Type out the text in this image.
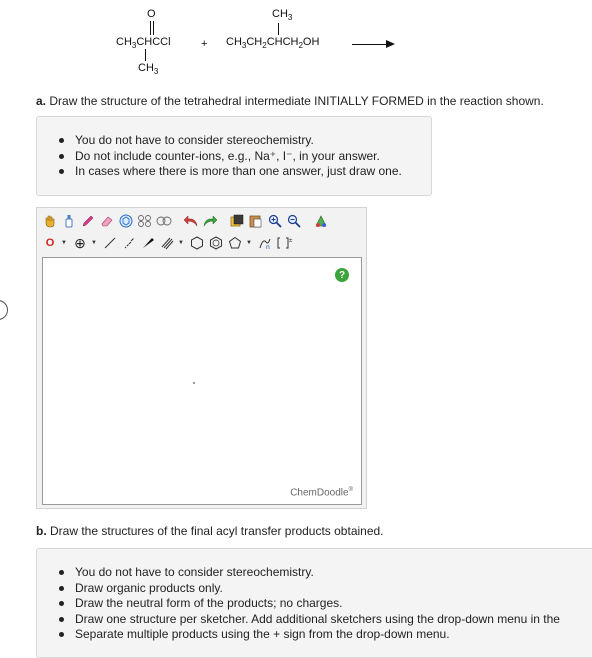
O
$CH_3CHCCl$
$CH_3$
+
$CH_3$
$CH_3CH_2CHCH_2OH$
a. Draw the structure of the tetrahedral intermediate INITIALLY FORMED in the reaction shown.
You do not have to consider stereochemistry.
Do not include counter-ions, e.g., Na⁺, I⁻, in your answer.
In cases where there is more than one answer, just draw one.
O	▼ ⊕ ▼	▼	▼
n
±
?
ChemDoodle®
b. Draw the structures of the final acyl transfer products obtained.
You do not have to consider stereochemistry.
Draw organic products only.
Draw the neutral form of the products; no charges.
Draw one structure per sketcher. Add additional sketchers using the drop-down menu in the
Separate multiple products using the + sign from the drop-down menu.
